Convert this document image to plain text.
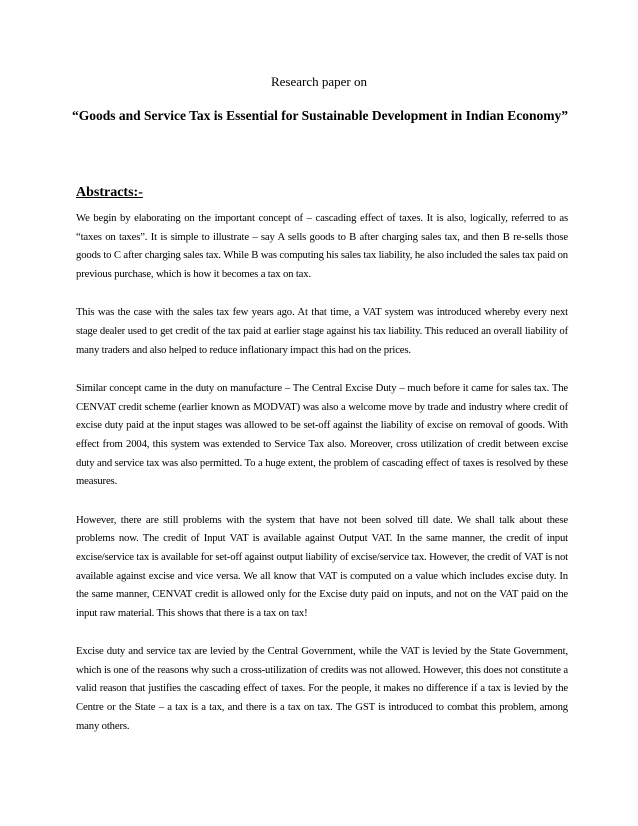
Research paper on
“Goods and Service Tax is Essential for Sustainable Development in Indian Economy”
Abstracts:-

We begin by elaborating on the important concept of – cascading effect of taxes. It is also, logically, referred to as “taxes on taxes”. It is simple to illustrate – say A sells goods to B after charging sales tax, and then B re-sells those goods to C after charging sales tax. While B was computing his sales tax liability, he also included the sales tax paid on previous purchase, which is how it becomes a tax on tax.

This was the case with the sales tax few years ago. At that time, a VAT system was introduced whereby every next stage dealer used to get credit of the tax paid at earlier stage against his tax liability. This reduced an overall liability of many traders and also helped to reduce inflationary impact this had on the prices.

Similar concept came in the duty on manufacture – The Central Excise Duty – much before it came for sales tax. The CENVAT credit scheme (earlier known as MODVAT) was also a welcome move by trade and industry where credit of excise duty paid at the input stages was allowed to be set-off against the liability of excise on removal of goods. With effect from 2004, this system was extended to Service Tax also. Moreover, cross utilization of credit between excise duty and service tax was also permitted. To a huge extent, the problem of cascading effect of taxes is resolved by these measures.

However, there are still problems with the system that have not been solved till date. We shall talk about these problems now. The credit of Input VAT is available against Output VAT. In the same manner, the credit of input excise/service tax is available for set-off against output liability of excise/service tax. However, the credit of VAT is not available against excise and vice versa. We all know that VAT is computed on a value which includes excise duty. In the same manner, CENVAT credit is allowed only for the Excise duty paid on inputs, and not on the VAT paid on the input raw material. This shows that there is a tax on tax!

Excise duty and service tax are levied by the Central Government, while the VAT is levied by the State Government, which is one of the reasons why such a cross-utilization of credits was not allowed. However, this does not constitute a valid reason that justifies the cascading effect of taxes. For the people, it makes no difference if a tax is levied by the Centre or the State – a tax is a tax, and there is a tax on tax. The GST is introduced to combat this problem, among many others.
